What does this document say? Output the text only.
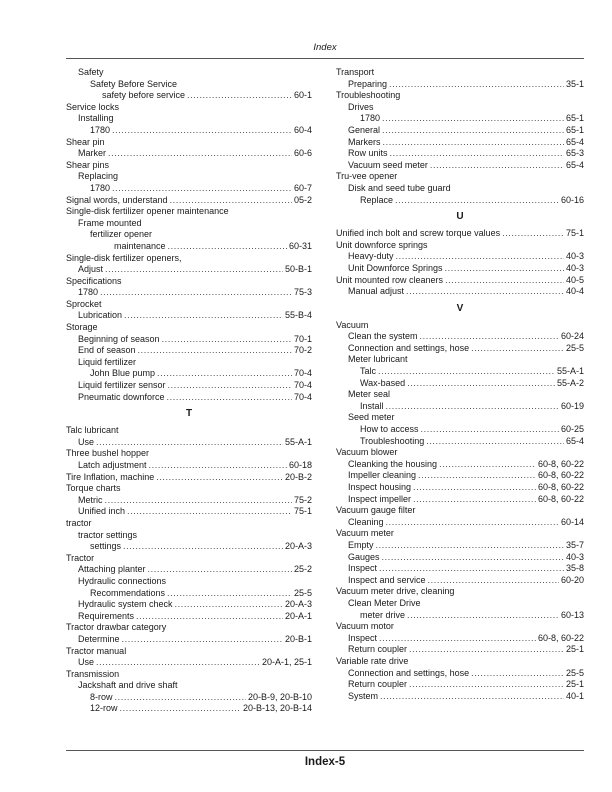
Index
Safety
Safety Before Service
safety before service .....	60-1
Service locks
Installing
1780 .....	60-4
Shear pin
Marker .....	60-6
Shear pins
Replacing
1780 .....	60-7
Signal words, understand .....	05-2
Single-disk fertilizer opener maintenance
Frame mounted
fertilizer opener
maintenance .....	60-31
Single-disk fertilizer openers,
Adjust .....	50-B-1
Specifications
1780 .....	75-3
Sprocket
Lubrication .....	55-B-4
Storage
Beginning of season .....	70-1
End of season .....	70-2
Liquid fertilizer
John Blue pump .....	70-4
Liquid fertilizer sensor .....	70-4
Pneumatic downforce .....	70-4
T
Talc lubricant
Use .....	55-A-1
Three bushel hopper
Latch adjustment .....	60-18
Tire Inflation, machine .....	20-B-2
Torque charts
Metric .....	75-2
Unified inch .....	75-1
tractor
tractor settings
settings .....	20-A-3
Tractor
Attaching planter .....	25-2
Hydraulic connections
Recommendations .....	25-5
Hydraulic system check .....	20-A-3
Requirements .....	20-A-1
Tractor drawbar category
Determine .....	20-B-1
Tractor manual
Use .....	20-A-1, 25-1
Transmission
Jackshaft and drive shaft
8-row .....	20-B-9, 20-B-10
12-row .....	20-B-13, 20-B-14
Transport
Preparing .....	35-1
Troubleshooting
Drives
1780 .....	65-1
General .....	65-1
Markers .....	65-4
Row units .....	65-3
Vacuum seed meter .....	65-4
Tru-vee opener
Disk and seed tube guard
Replace .....	60-16
U
Unified inch bolt and screw torque values .....	75-1
Unit downforce springs
Heavy-duty .....	40-3
Unit Downforce Springs .....	40-3
Unit mounted row cleaners .....	40-5
Manual adjust .....	40-4
V
Vacuum
Clean the system .....	60-24
Connection and settings, hose .....	25-5
Meter lubricant
Talc .....	55-A-1
Wax-based .....	55-A-2
Meter seal
Install .....	60-19
Seed meter
How to access .....	60-25
Troubleshooting .....	65-4
Vacuum blower
Cleanking the housing .....	60-8, 60-22
Impeller cleaning .....	60-8, 60-22
Inspect housing .....	60-8, 60-22
Inspect impeller .....	60-8, 60-22
Vacuum gauge filter
Cleaning .....	60-14
Vacuum meter
Empty .....	35-7
Gauges .....	40-3
Inspect .....	35-8
Inspect and service .....	60-20
Vacuum meter drive, cleaning
Clean Meter Drive
meter drive .....	60-13
Vacuum motor
Inspect .....	60-8, 60-22
Return coupler .....	25-1
Variable rate drive
Connection and settings, hose .....	25-5
Return coupler .....	25-1
System .....	40-1
Index-5
